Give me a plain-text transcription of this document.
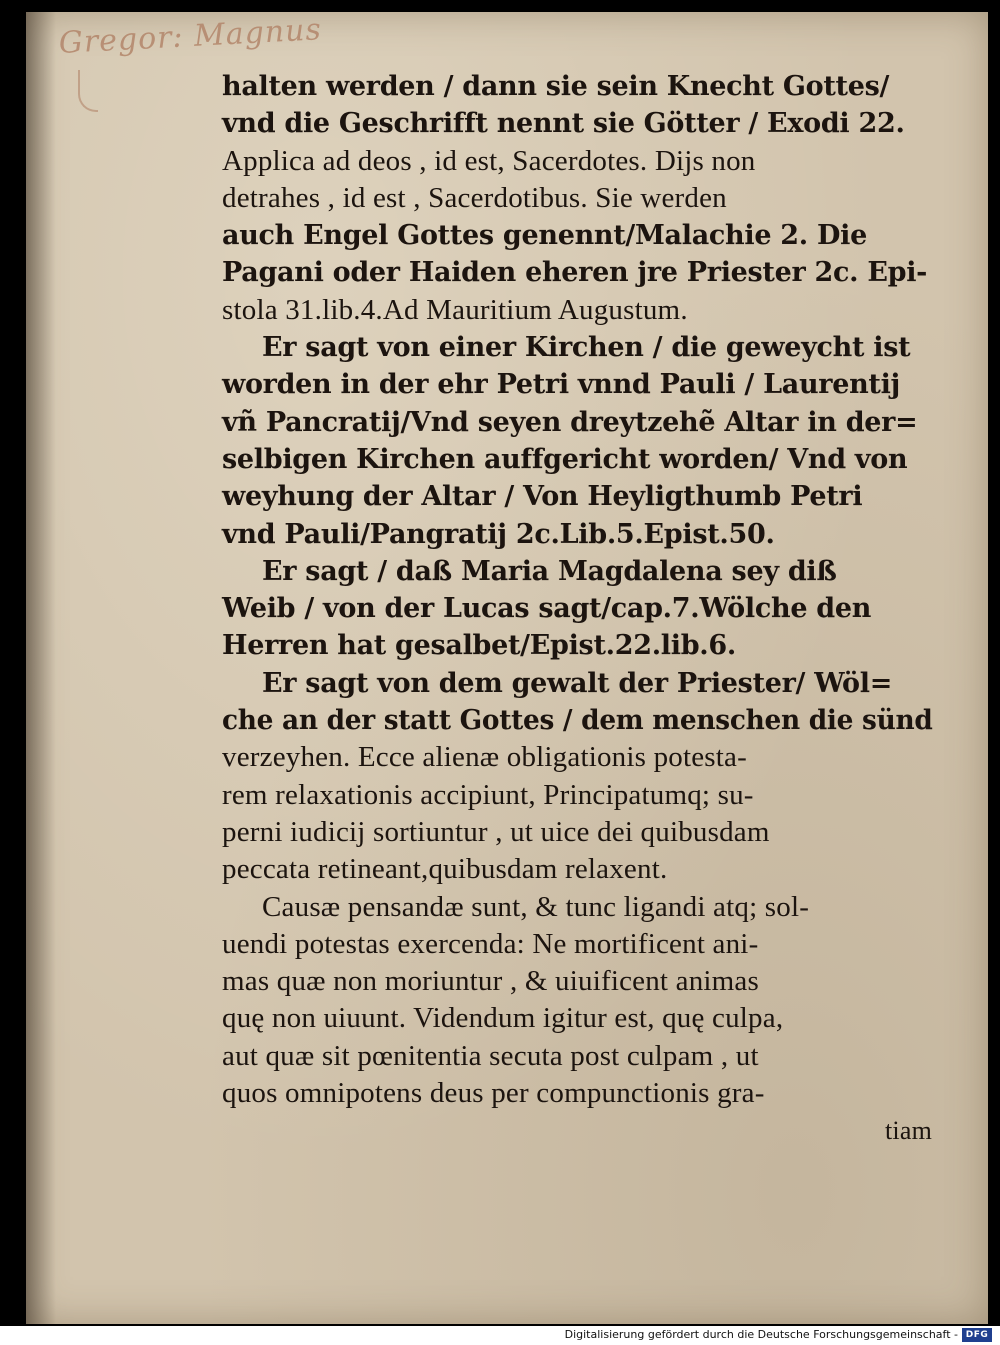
Gregor: Magnus
halten werden / dann sie sein Knecht Gottes/
vnd die Geschrifft nennt sie Götter / Exodi 22.
Applica ad deos , id est, Sacerdotes. Dijs non
detrahes , id est , Sacerdotibus. Sie werden
auch Engel Gottes genennt/Malachie 2. Die
Pagani oder Haiden eheren jre Priester 2c. Epi-
stola 31.lib.4.Ad Mauritium Augustum.
Er sagt von einer Kirchen / die geweycht ist
worden in der ehr Petri vnnd Pauli / Laurentij
vñ Pancratij/Vnd seyen dreytzehẽ Altar in der=
selbigen Kirchen auffgericht worden/ Vnd von
weyhung der Altar / Von Heyligthumb Petri
vnd Pauli/Pangratij 2c.Lib.5.Epist.50.
Er sagt / daß Maria Magdalena sey diß
Weib / von der Lucas sagt/cap.7.Wölche den
Herren hat gesalbet/Epist.22.lib.6.
Er sagt von dem gewalt der Priester/ Wöl=
che an der statt Gottes / dem menschen die sünd
verzeyhen. Ecce alienæ obligationis potesta-
rem relaxationis accipiunt, Principatumq; su-
perni iudicij sortiuntur , ut uice dei quibusdam
peccata retineant,quibusdam relaxent.
Causæ pensandæ sunt, & tunc ligandi atq; sol-
uendi potestas exercenda: Ne mortificent ani-
mas quæ non moriuntur , & uiuificent animas
quę non uiuunt. Videndum igitur est, quę culpa,
aut quæ sit pœnitentia secuta post culpam , ut
quos omnipotens deus per compunctionis gra-
tiam
Digitalisierung gefördert durch die Deutsche Forschungsgemeinschaft - DFG
